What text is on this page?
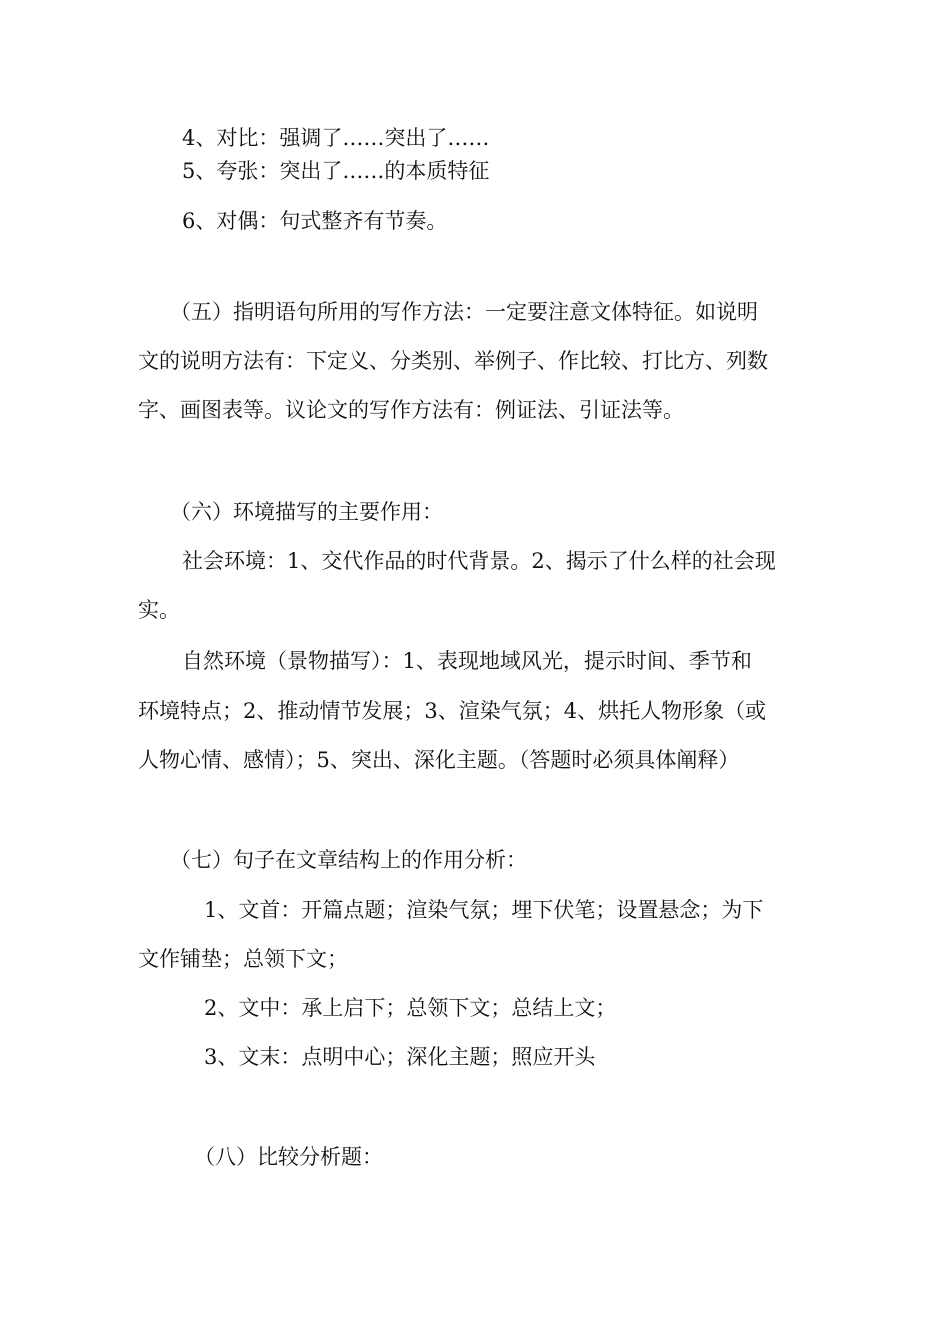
4、对比：强调了……突出了……
5、夸张：突出了……的本质特征
6、对偶：句式整齐有节奏。
（五）指明语句所用的写作方法：一定要注意文体特征。如说明
文的说明方法有：下定义、分类别、举例子、作比较、打比方、列数
字、画图表等。议论文的写作方法有：例证法、引证法等。
（六）环境描写的主要作用：
社会环境：1、交代作品的时代背景。2、揭示了什么样的社会现
实。
自然环境（景物描写）：1、表现地域风光，提示时间、季节和
环境特点；2、推动情节发展；3、渲染气氛；4、烘托人物形象（或
人物心情、感情）；5、突出、深化主题。（答题时必须具体阐释）
（七）句子在文章结构上的作用分析：
1、文首：开篇点题；渲染气氛；埋下伏笔；设置悬念；为下
文作铺垫；总领下文；
2、文中：承上启下；总领下文；总结上文；
3、文末：点明中心；深化主题；照应开头
（八）比较分析题：
